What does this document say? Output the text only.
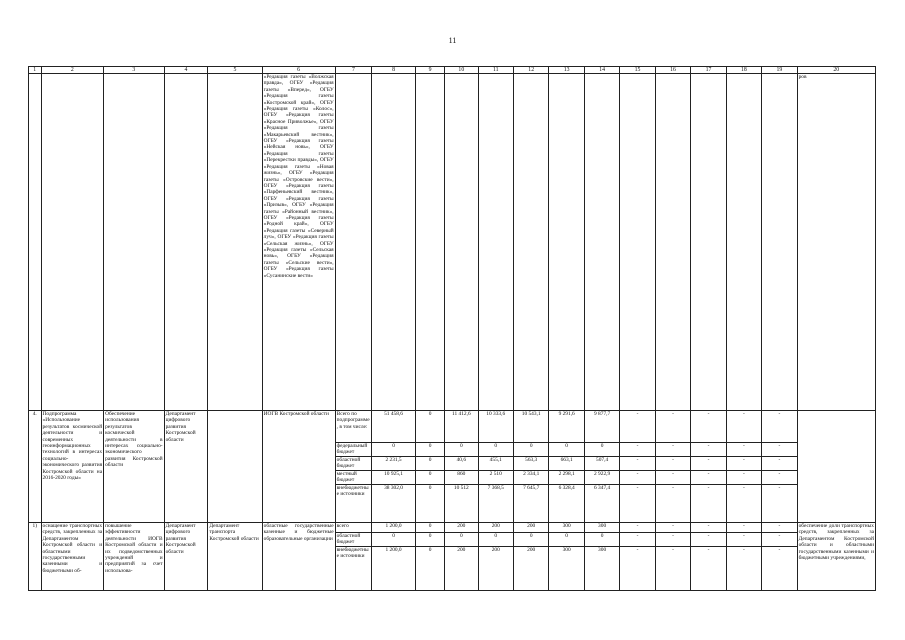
11
1	2	3	4	5	6	7	8	9	10	11	12	13	14	15	16	17	18	19	20
					«Редакция газеты «Волжская правда», ОГБУ «Редакция газеты «Вперед», ОГБУ «Редакция газеты «Костромской край», ОГБУ «Редакция газеты «Колос», ОГБУ «Редакция газеты «Красное Приволжье», ОГБУ «Редакция газеты «Макарьевский вестник», ОГБУ «Редакция газеты «Нейская новь», ОГБУ «Редакция газеты «Перекрестки правды», ОГБУ «Редакция газеты «Новая жизнь», ОГБУ «Редакция газеты «Островские вести», ОГБУ «Редакция газеты «Парфеньевский вестник», ОГБУ «Редакция газеты «Призыв», ОГБУ «Редакция газеты «Районный вестник», ОГБУ «Редакция газеты «Родной край», ОГБУ «Редакция газеты «Северный луч», ОГБУ «Редакция газеты «Сельская жизнь», ОГБУ «Редакция газеты «Сельская новь», ОГБУ «Редакция газеты «Сельские вести», ОГБУ «Редакция газеты «Сусанинские вести»														ров
4.	Подпрограмма «Использование результатов космической деятельности и современных геоинформационных технологий в интересах социально-экономического развития Костромской области на 2016-2020 годы»	Обеспечение использования результатов космической деятельности в интересах социально-экономического развития Костромской области	Департамент цифрового развития Костромской области		ИОГВ Костромской области	Всего по подпрограмме, в том числе:	51 458,6	0	11 412,6	10 333,6	10 543,1	9 291,6	9 877,7	-	-	-	-	-	
						федеральный бюджет	0	0	0	0	0	0	0	-	-	-	-	-	
						областной бюджет	2 231,5	0	40,6	455,1	563,3	663,1	507,4	-	-	-	-	-	
						местный бюджет	10 925,1	0	860	2 510	2 334,1	2 298,1	2 922,9	-	-	-	-	-	
						внебюджетные источники	38 302,0	0	10 512	7 368,5	7 645,7	6 328,4	6 347,4	-	-	-	-	-	
1)	оснащение транспортных средств, закрепленных за Департаментом Костромской области и областными государственными казенными и бюджетными об-	повышение эффективности деятельности ИОГВ Костромской области и их подведомственных учреждений и предприятий за счет использова-	Департамент цифрового развития Костромской области	Департамент транспорта Костромской области	областные государственные казенные и бюджетные образовательные организации	всего	1 200,0	0	200	200	200	300	300	-	-	-	-	-	обеспечение доли транспортных средств, закрепленных за Департаментом Костромской области и областными государственными казенными и бюджетными учреждениями,
						областной бюджет	0	0	0	0	0	0	0	-	-	-	-	-	
						внебюджетные источники	1 200,0	0	200	200	200	300	300	-	-	-	-	-	
